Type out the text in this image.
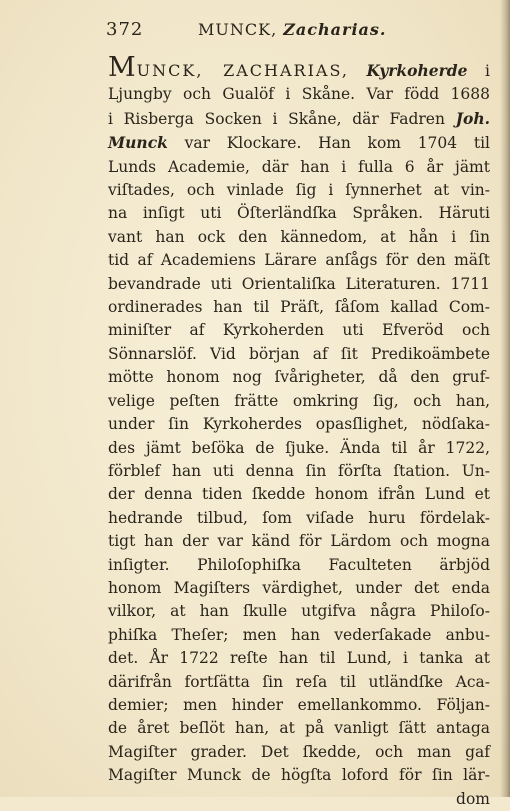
372	MUNCK, Zacharias.
MUNCK, ZACHARIAS, Kyrkoherde i
Ljungby och Gualöf i Skåne. Var född 1688
i Risberga Socken i Skåne, där Fadren Joh.
Munck var Klockare. Han kom 1704 til
Lunds Academie, där han i fulla 6 år jämt
viſtades, och vinlade ſig i ſynnerhet at vin-
na inſigt uti Öſterländſka Språken. Häruti
vant han ock den kännedom, at hån i ſin
tid af Academiens Lärare anſågs för den mäſt
bevandrade uti Orientaliſka Literaturen. 1711
ordinerades han til Präſt, ſåſom kallad Com-
miniſter af Kyrkoherden uti Efveröd och
Sönnarslöf. Vid början af ſit Predikoämbete
mötte honom nog ſvårigheter, då den gruf-
velige peſten frätte omkring ſig, och han,
under ſin Kyrkoherdes opasſlighet, nödſaka-
des jämt beſöka de ſjuke. Ända til år 1722,
förblef han uti denna ſin förſta ſtation. Un-
der denna tiden ſkedde honom ifrån Lund et
hedrande tilbud, ſom viſade huru fördelak-
tigt han der var känd för Lärdom och mogna
inſigter. Philoſophiſka Faculteten ärbjöd
honom Magiſters värdighet, under det enda
vilkor, at han ſkulle utgifva några Philoſo-
phiſka Theſer; men han vederſakade anbu-
det. År 1722 reſte han til Lund, i tanka at
därifrån fortſätta ſin reſa til utländſke Aca-
demier; men hinder emellankommo. Följan-
de året beſlöt han, at på vanligt ſätt antaga
Magiſter grader. Det ſkedde, och man gaf
Magiſter Munck de högſta loford för ſin lär-
dom
